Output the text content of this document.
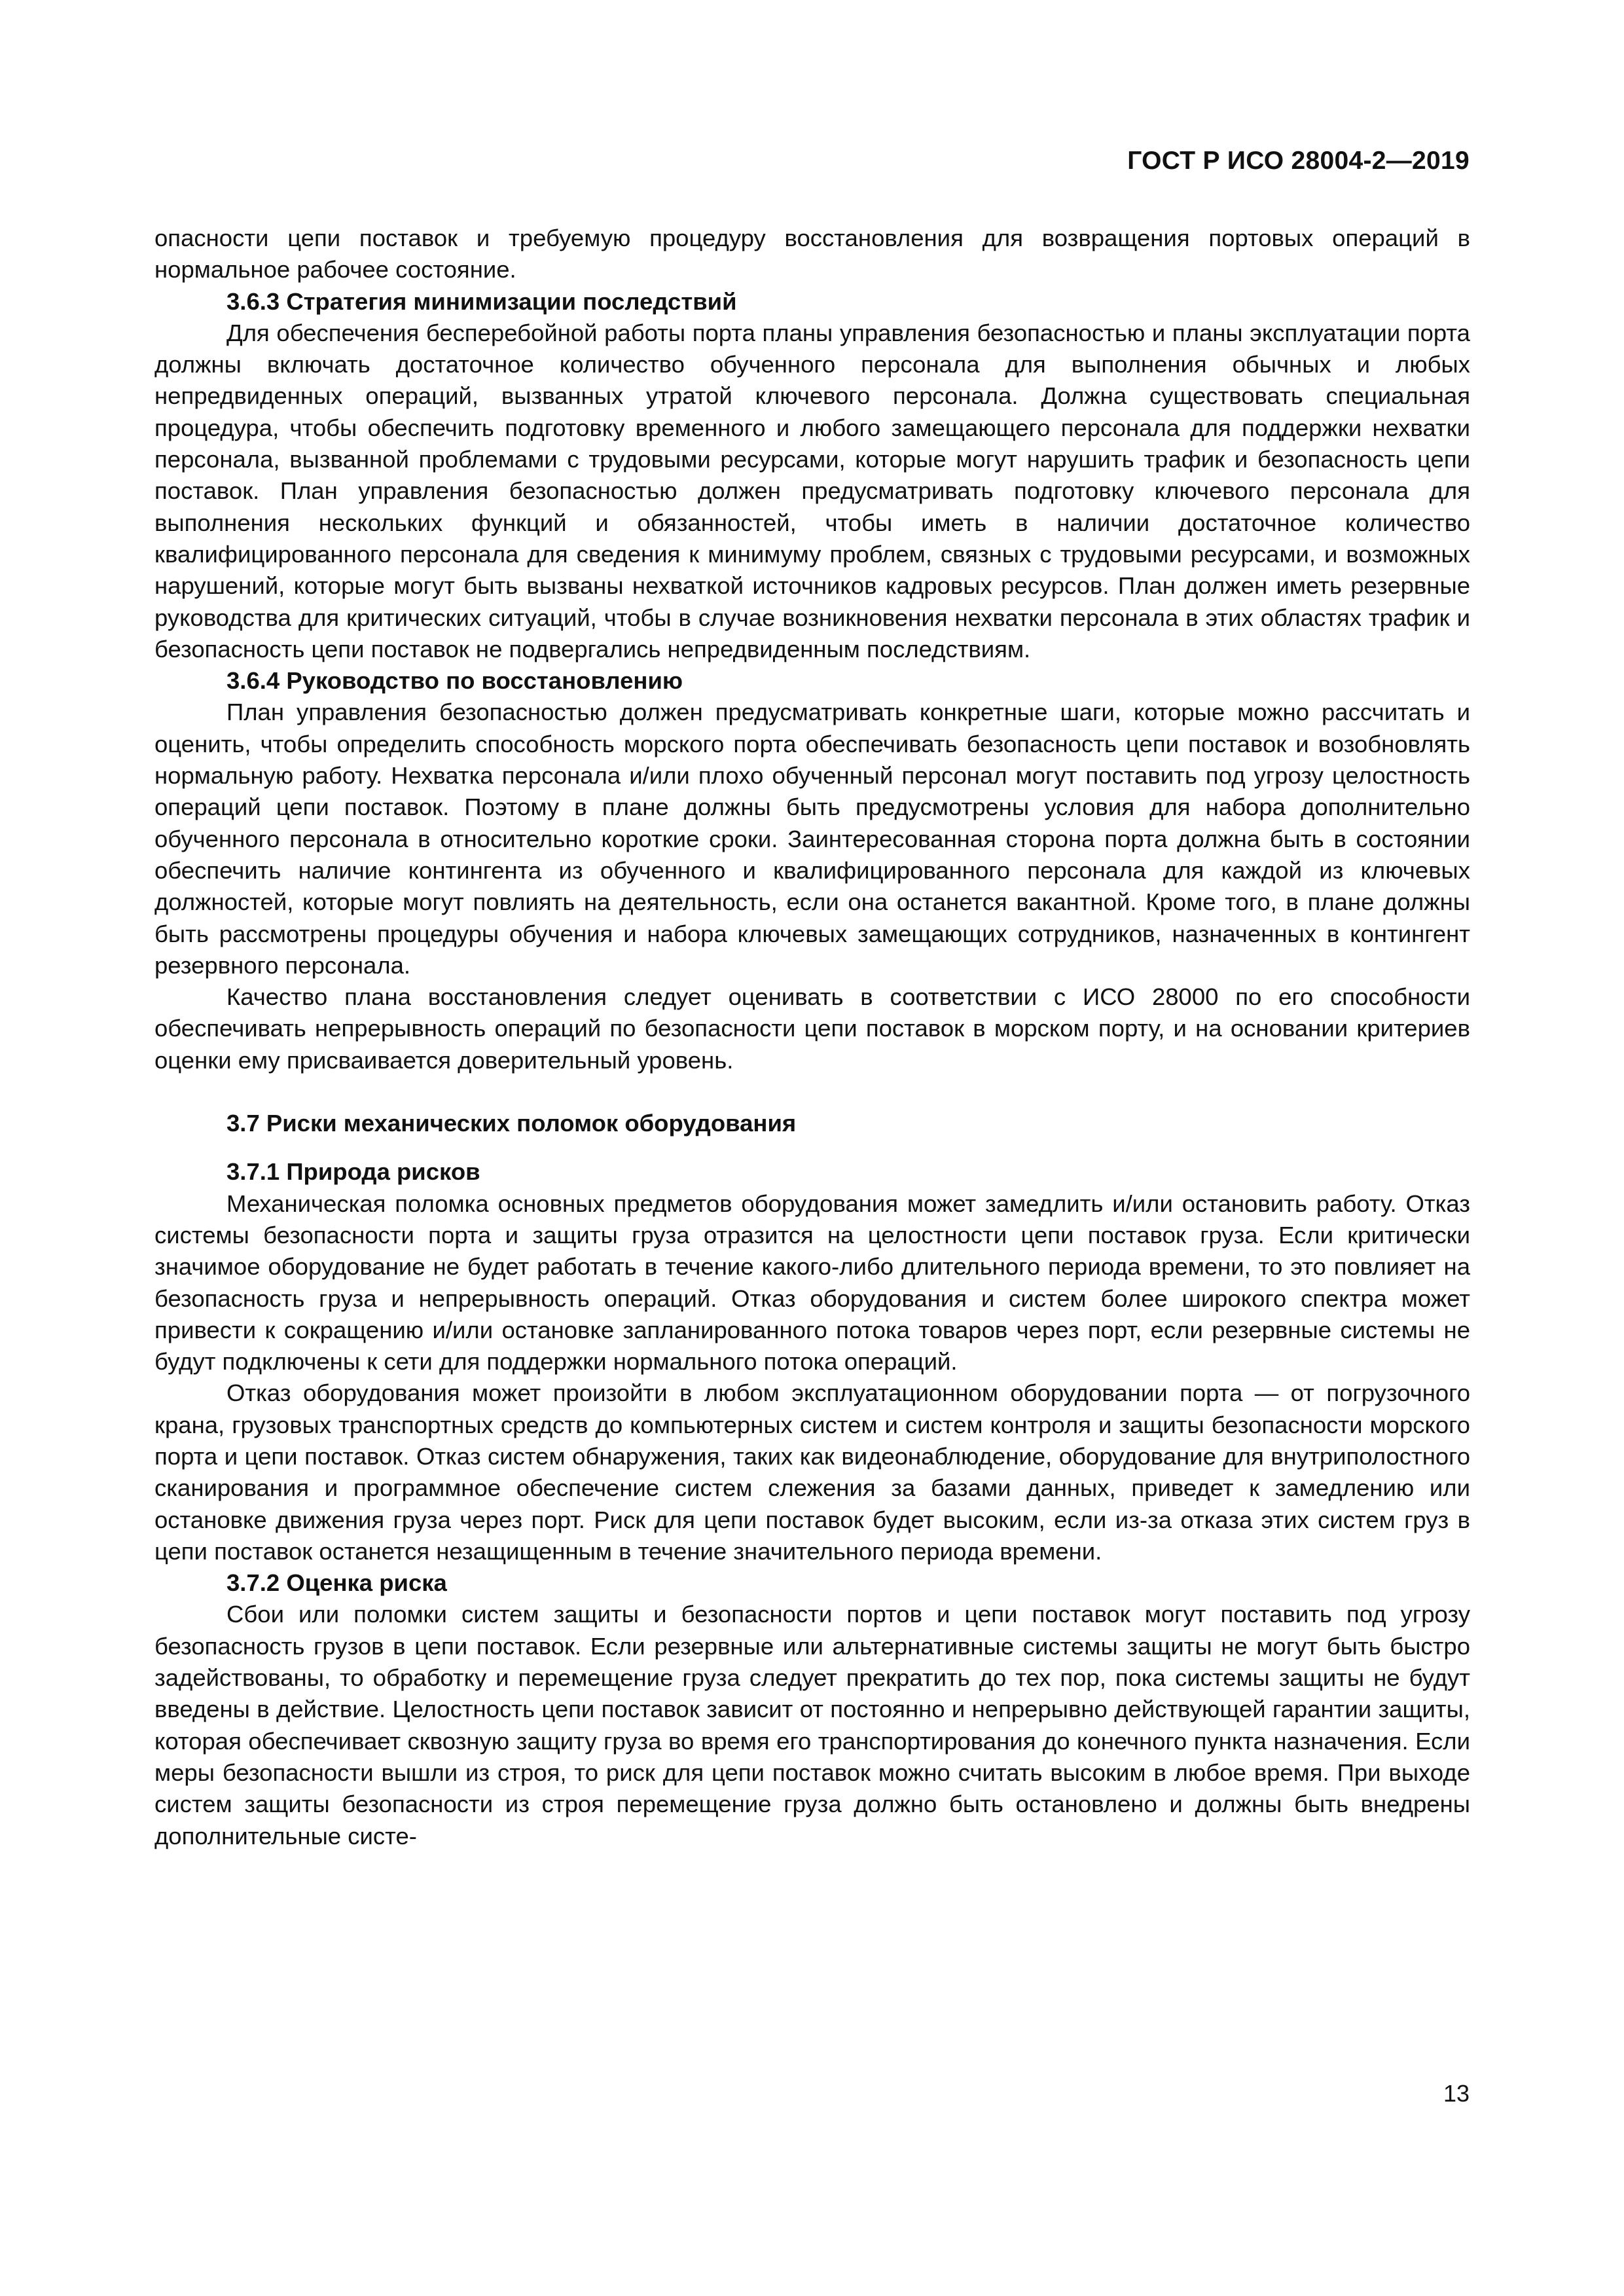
ГОСТ Р ИСО 28004-2—2019

опасности цепи поставок и требуемую процедуру восстановления для возвращения портовых операций в нормальное рабочее состояние.

3.6.3 Стратегия минимизации последствий

Для обеспечения бесперебойной работы порта планы управления безопасностью и планы эксплуатации порта должны включать достаточное количество обученного персонала для выполнения обычных и любых непредвиденных операций, вызванных утратой ключевого персонала. Должна существовать специальная процедура, чтобы обеспечить подготовку временного и любого замещающего персонала для поддержки нехватки персонала, вызванной проблемами с трудовыми ресурсами, которые могут нарушить трафик и безопасность цепи поставок. План управления безопасностью должен предусматривать подготовку ключевого персонала для выполнения нескольких функций и обязанностей, чтобы иметь в наличии достаточное количество квалифицированного персонала для сведения к минимуму проблем, связных с трудовыми ресурсами, и возможных нарушений, которые могут быть вызваны нехваткой источников кадровых ресурсов. План должен иметь резервные руководства для критических ситуаций, чтобы в случае возникновения нехватки персонала в этих областях трафик и безопасность цепи поставок не подвергались непредвиденным последствиям.

3.6.4 Руководство по восстановлению

План управления безопасностью должен предусматривать конкретные шаги, которые можно рассчитать и оценить, чтобы определить способность морского порта обеспечивать безопасность цепи поставок и возобновлять нормальную работу. Нехватка персонала и/или плохо обученный персонал могут поставить под угрозу целостность операций цепи поставок. Поэтому в плане должны быть предусмотрены условия для набора дополнительно обученного персонала в относительно короткие сроки. Заинтересованная сторона порта должна быть в состоянии обеспечить наличие контингента из обученного и квалифицированного персонала для каждой из ключевых должностей, которые могут повлиять на деятельность, если она останется вакантной. Кроме того, в плане должны быть рассмотрены процедуры обучения и набора ключевых замещающих сотрудников, назначенных в контингент резервного персонала.

Качество плана восстановления следует оценивать в соответствии с ИСО 28000 по его способности обеспечивать непрерывность операций по безопасности цепи поставок в морском порту, и на основании критериев оценки ему присваивается доверительный уровень.

3.7 Риски механических поломок оборудования
3.7.1 Природа рисков

Механическая поломка основных предметов оборудования может замедлить и/или остановить работу. Отказ системы безопасности порта и защиты груза отразится на целостности цепи поставок груза. Если критически значимое оборудование не будет работать в течение какого-либо длительного периода времени, то это повлияет на безопасность груза и непрерывность операций. Отказ оборудования и систем более широкого спектра может привести к сокращению и/или остановке запланированного потока товаров через порт, если резервные системы не будут подключены к сети для поддержки нормального потока операций.

Отказ оборудования может произойти в любом эксплуатационном оборудовании порта — от погрузочного крана, грузовых транспортных средств до компьютерных систем и систем контроля и защиты безопасности морского порта и цепи поставок. Отказ систем обнаружения, таких как видеонаблюдение, оборудование для внутриполостного сканирования и программное обеспечение систем слежения за базами данных, приведет к замедлению или остановке движения груза через порт. Риск для цепи поставок будет высоким, если из-за отказа этих систем груз в цепи поставок останется незащищенным в течение значительного периода времени.

3.7.2 Оценка риска

Сбои или поломки систем защиты и безопасности портов и цепи поставок могут поставить под угрозу безопасность грузов в цепи поставок. Если резервные или альтернативные системы защиты не могут быть быстро задействованы, то обработку и перемещение груза следует прекратить до тех пор, пока системы защиты не будут введены в действие. Целостность цепи поставок зависит от постоянно и непрерывно действующей гарантии защиты, которая обеспечивает сквозную защиту груза во время его транспортирования до конечного пункта назначения. Если меры безопасности вышли из строя, то риск для цепи поставок можно считать высоким в любое время. При выходе систем защиты безопасности из строя перемещение груза должно быть остановлено и должны быть внедрены дополнительные систе-

13
